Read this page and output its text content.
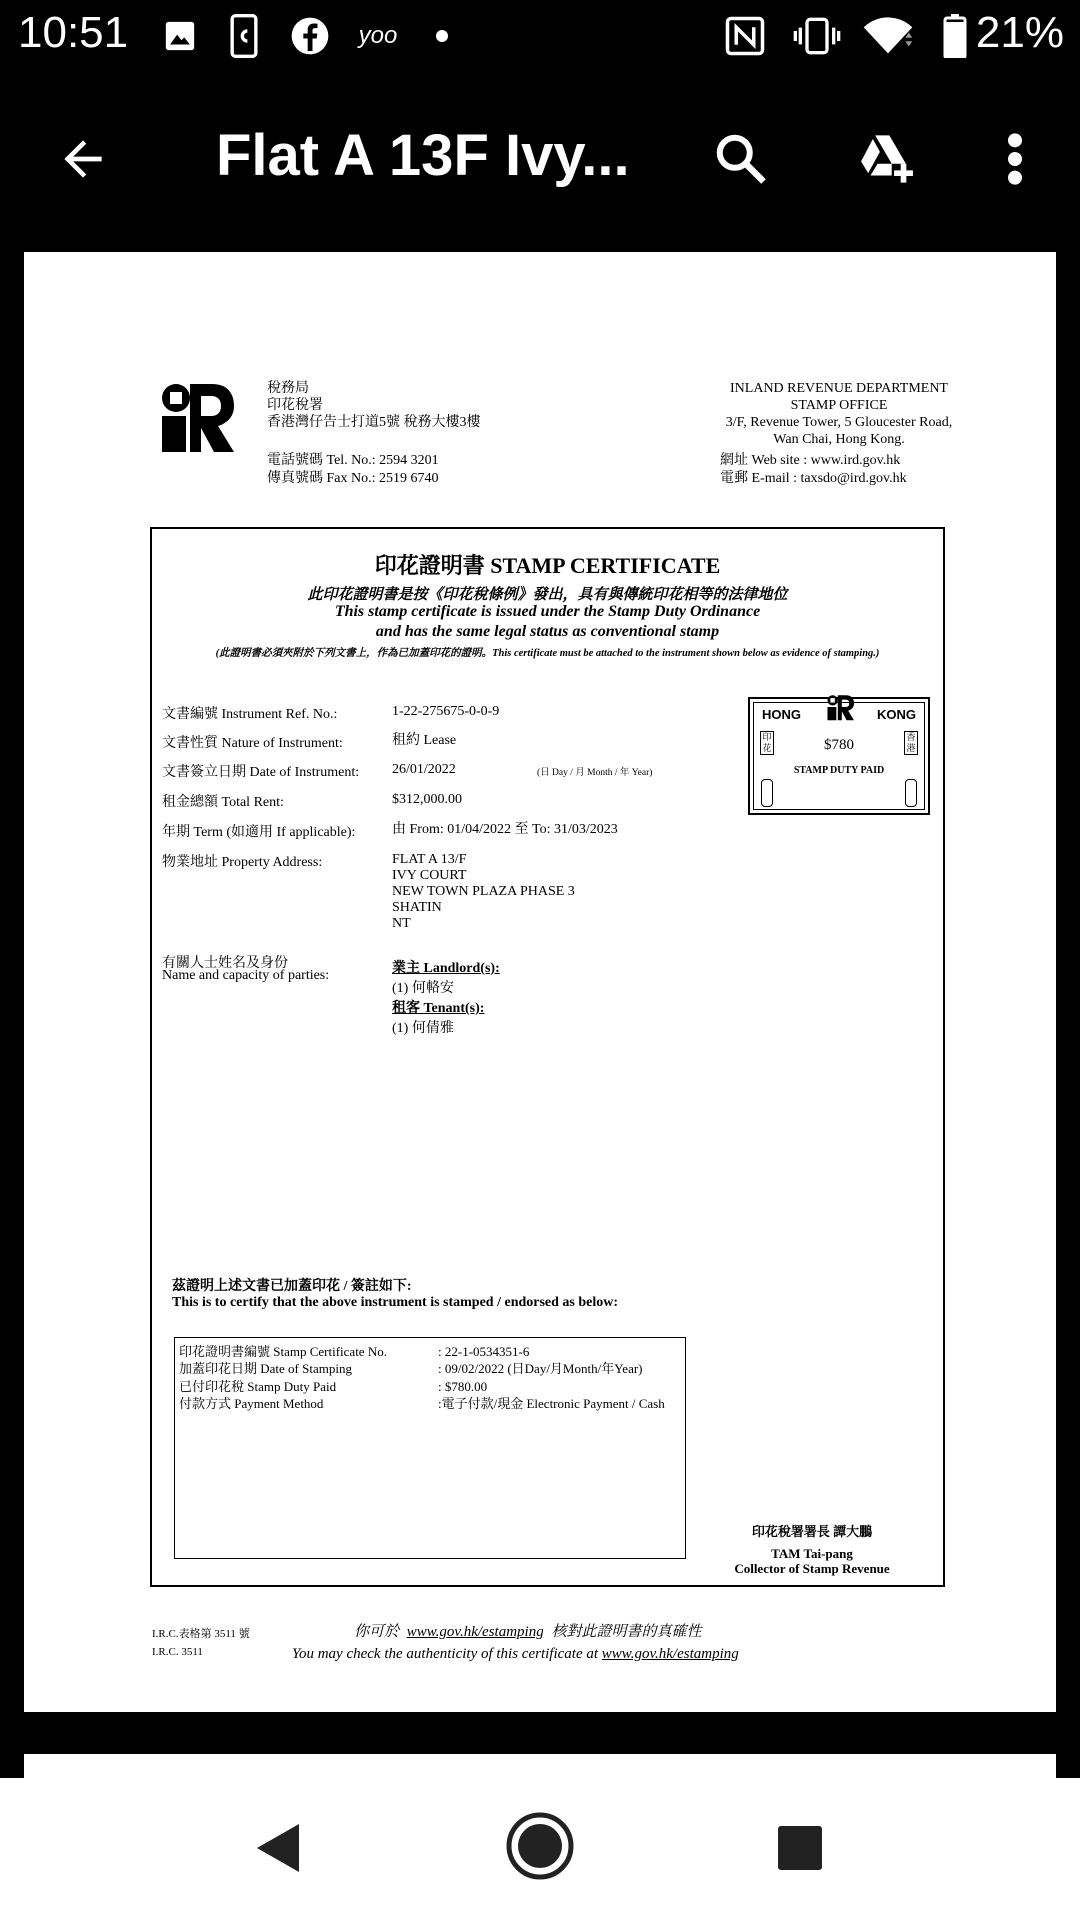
10:51	yoo	21%
Flat A 13F Ivy...
稅務局
印花稅署
香港灣仔告士打道5號 稅務大樓3樓
電話號碼 Tel. No.: 2594 3201
傳真號碼 Fax No.: 2519 6740
INLAND REVENUE DEPARTMENT
STAMP OFFICE
3/F, Revenue Tower, 5 Gloucester Road,
Wan Chai, Hong Kong.
網址 Web site : www.ird.gov.hk
電郵 E-mail : taxsdo@ird.gov.hk
印花證明書 STAMP CERTIFICATE
此印花證明書是按《印花稅條例》發出，具有與傳統印花相等的法律地位
This stamp certificate is issued under the Stamp Duty Ordinance
and has the same legal status as conventional stamp
(此證明書必須夾附於下列文書上，作為已加蓋印花的證明。This certificate must be attached to the instrument shown below as evidence of stamping.)
文書編號 Instrument Ref. No.:	1-22-275675-0-0-9
文書性質 Nature of Instrument:	租約 Lease
文書簽立日期 Date of Instrument: 26/01/2022	(日 Day / 月 Month / 年 Year)
租金總額 Total Rent:	$312,000.00
年期 Term (如適用 If applicable):	由 From: 01/04/2022 至 To: 31/03/2023
物業地址 Property Address:	FLAT A 13/F
IVY COURT
NEW TOWN PLAZA PHASE 3
SHATIN
NT
有關人士姓名及身份
Name and capacity of parties:	業主 Landlord(s):
(1) 何輅安
租客 Tenant(s):
(1) 何倩雅
HONG	KONG
$780
STAMP DUTY PAID
印花
香港
茲證明上述文書已加蓋印花 / 簽註如下:
This is to certify that the above instrument is stamped / endorsed as below:
印花證明書編號 Stamp Certificate No.	: 22-1-0534351-6
加蓋印花日期 Date of Stamping	: 09/02/2022 (日Day/月Month/年Year)
已付印花稅 Stamp Duty Paid	: $780.00
付款方式 Payment Method	:電子付款/現金 Electronic Payment / Cash
印花稅署署長 譚大鵬
TAM Tai-pang
Collector of Stamp Revenue
I.R.C.表格第 3511 號
I.R.C. 3511
你可於 www.gov.hk/estamping 核對此證明書的真確性
You may check the authenticity of this certificate at www.gov.hk/estamping
